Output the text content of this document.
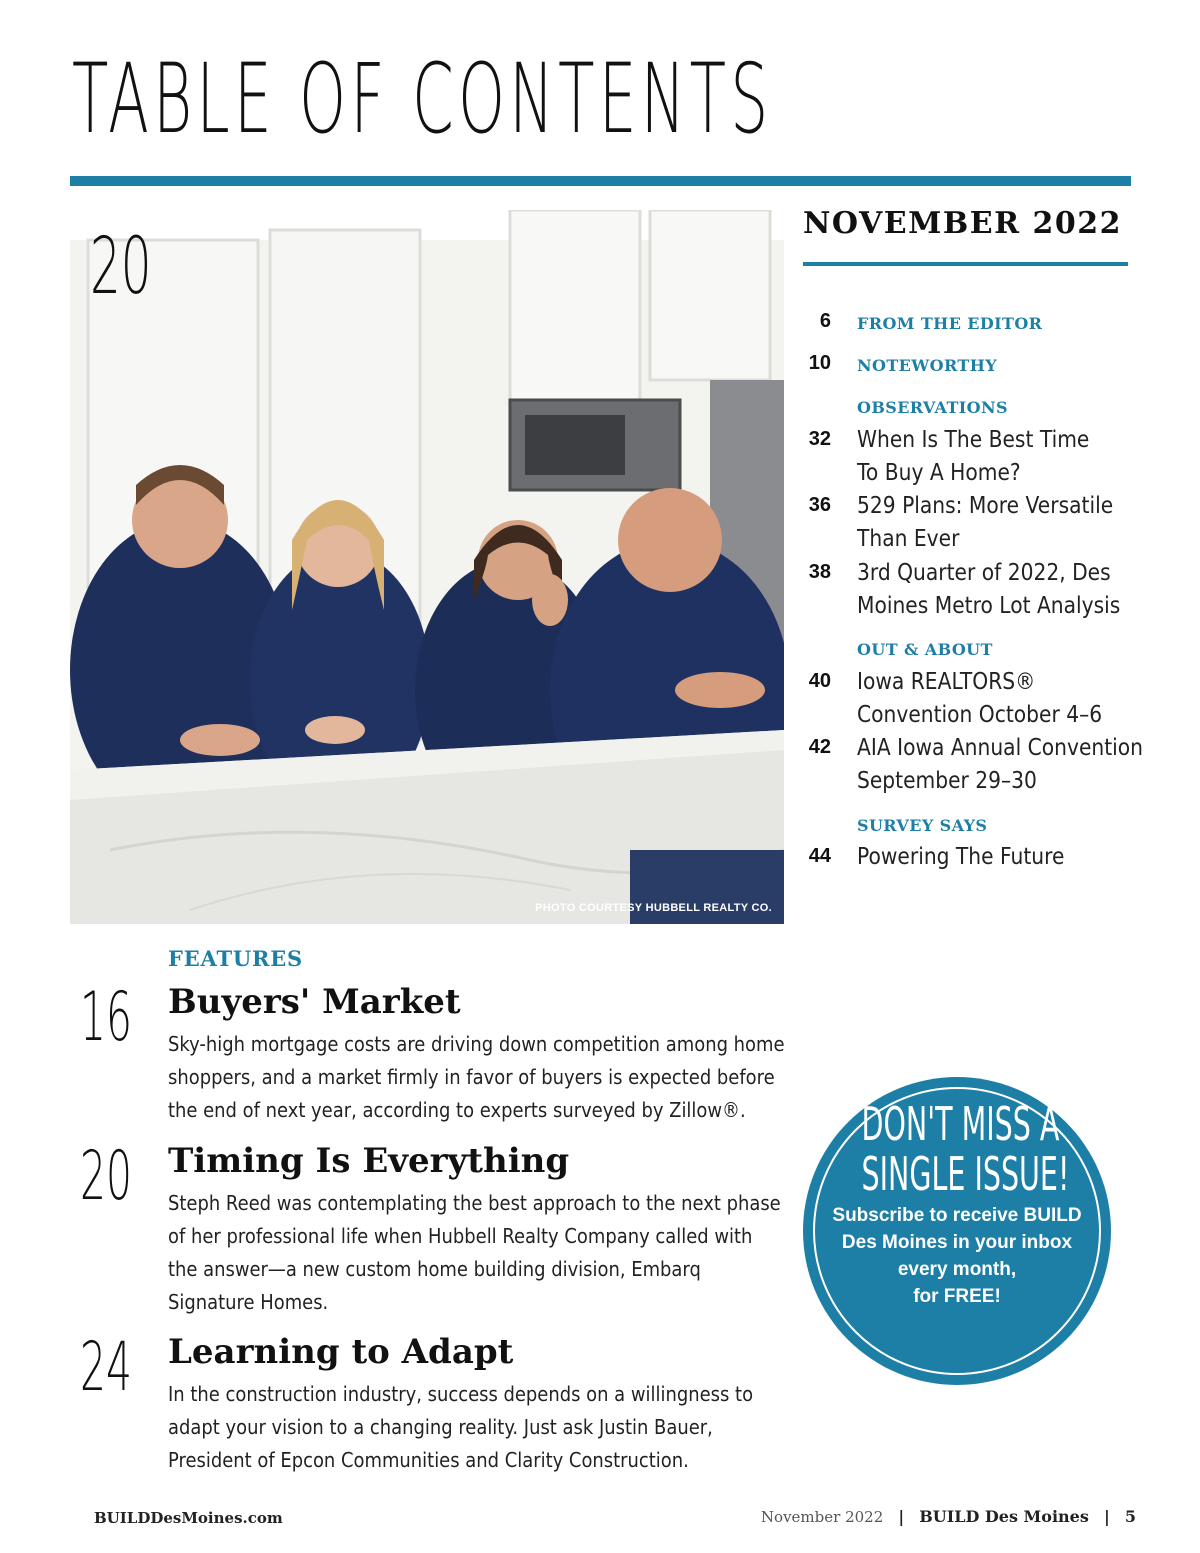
TABLE OF CONTENTS
20
PHOTO COURTESY HUBBELL REALTY CO.
NOVEMBER 2022
6 FROM THE EDITOR
10 NOTEWORTHY
OBSERVATIONS
32 When Is The Best Time
To Buy A Home?
36 529 Plans: More Versatile
Than Ever
38 3rd Quarter of 2022, Des
Moines Metro Lot Analysis
OUT & ABOUT
40 Iowa REALTORS®
Convention October 4–6
42 AIA Iowa Annual Convention
September 29–30
SURVEY SAYS
44 Powering The Future
FEATURES
16 Buyers' Market

Sky-high mortgage costs are driving down competition among home shoppers, and a market firmly in favor of buyers is expected before the end of next year, according to experts surveyed by Zillow®.

20 Timing Is Everything

Steph Reed was contemplating the best approach to the next phase of her professional life when Hubbell Realty Company called with the answer—a new custom home building division, Embarq Signature Homes.

24 Learning to Adapt

In the construction industry, success depends on a willingness to adapt your vision to a changing reality. Just ask Justin Bauer, President of Epcon Communities and Clarity Construction.

DON'T MISS A
SINGLE ISSUE!
Subscribe to receive BUILD
Des Moines in your inbox
every month,
for FREE!
BUILDDesMoines.com	November 2022 | BUILD Des Moines | 5
